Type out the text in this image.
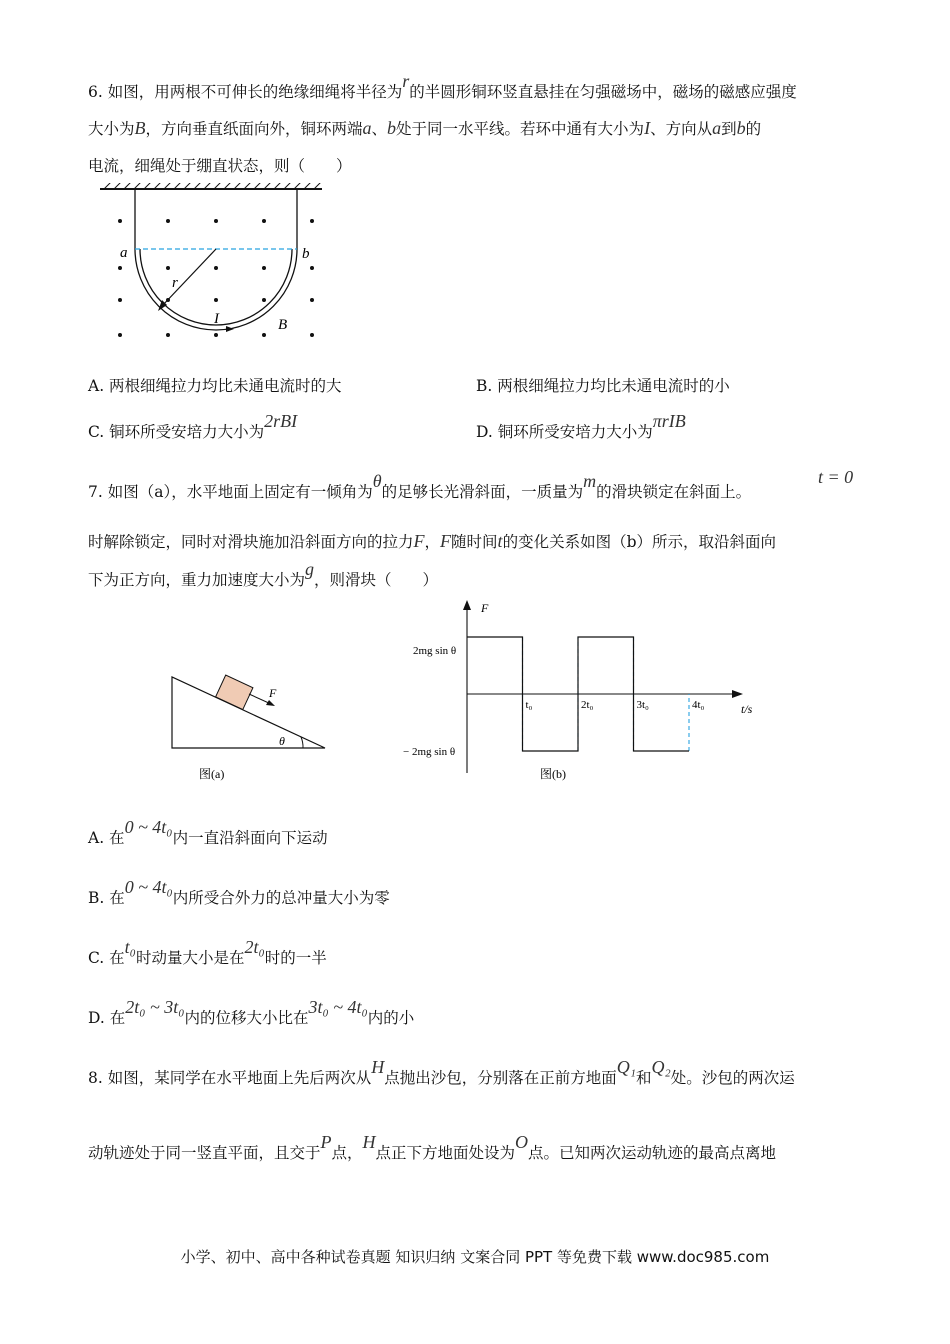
6. 如图，用两根不可伸长的绝缘细绳将半径为r的半圆形铜环竖直悬挂在匀强磁场中，磁场的磁感应强度
大小为B，方向垂直纸面向外，铜环两端a、b处于同一水平线。若环中通有大小为I、方向从a到b的
电流，细绳处于绷直状态，则（　　）
a	b
r
I	B
A. 两根细绳拉力均比未通电流时的大	B. 两根细绳拉力均比未通电流时的小
C. 铜环所受安培力大小为2rBI
D. 铜环所受安培力大小为πrIB
7. 如图（a），水平地面上固定有一倾角为θ的足够长光滑斜面，一质量为m的滑块锁定在斜面上。
t = 0
时解除锁定，同时对滑块施加沿斜面方向的拉力F，F随时间t的变化关系如图（b）所示，取沿斜面向
下为正方向，重力加速度大小为g，则滑块（　　）
F
θ
图(a)
F
t/s
2mg sin θ
− 2mg sin θ
t₀	2t₀	3t₀	4t₀
图(b)
A. 在0 ~ 4t₀内一直沿斜面向下运动
B. 在0 ~ 4t₀内所受合外力的总冲量大小为零
C. 在t₀时动量大小是在2t₀时的一半
D. 在2t₀ ~ 3t₀内的位移大小比在3t₀ ~ 4t₀内的小
8. 如图，某同学在水平地面上先后两次从H点抛出沙包，分别落在正前方地面Q₁和Q₂处。沙包的两次运
动轨迹处于同一竖直平面，且交于P点，H点正下方地面处设为O点。已知两次运动轨迹的最高点离地
小学、初中、高中各种试卷真题 知识归纳 文案合同 PPT 等免费下载 www.doc985.com
